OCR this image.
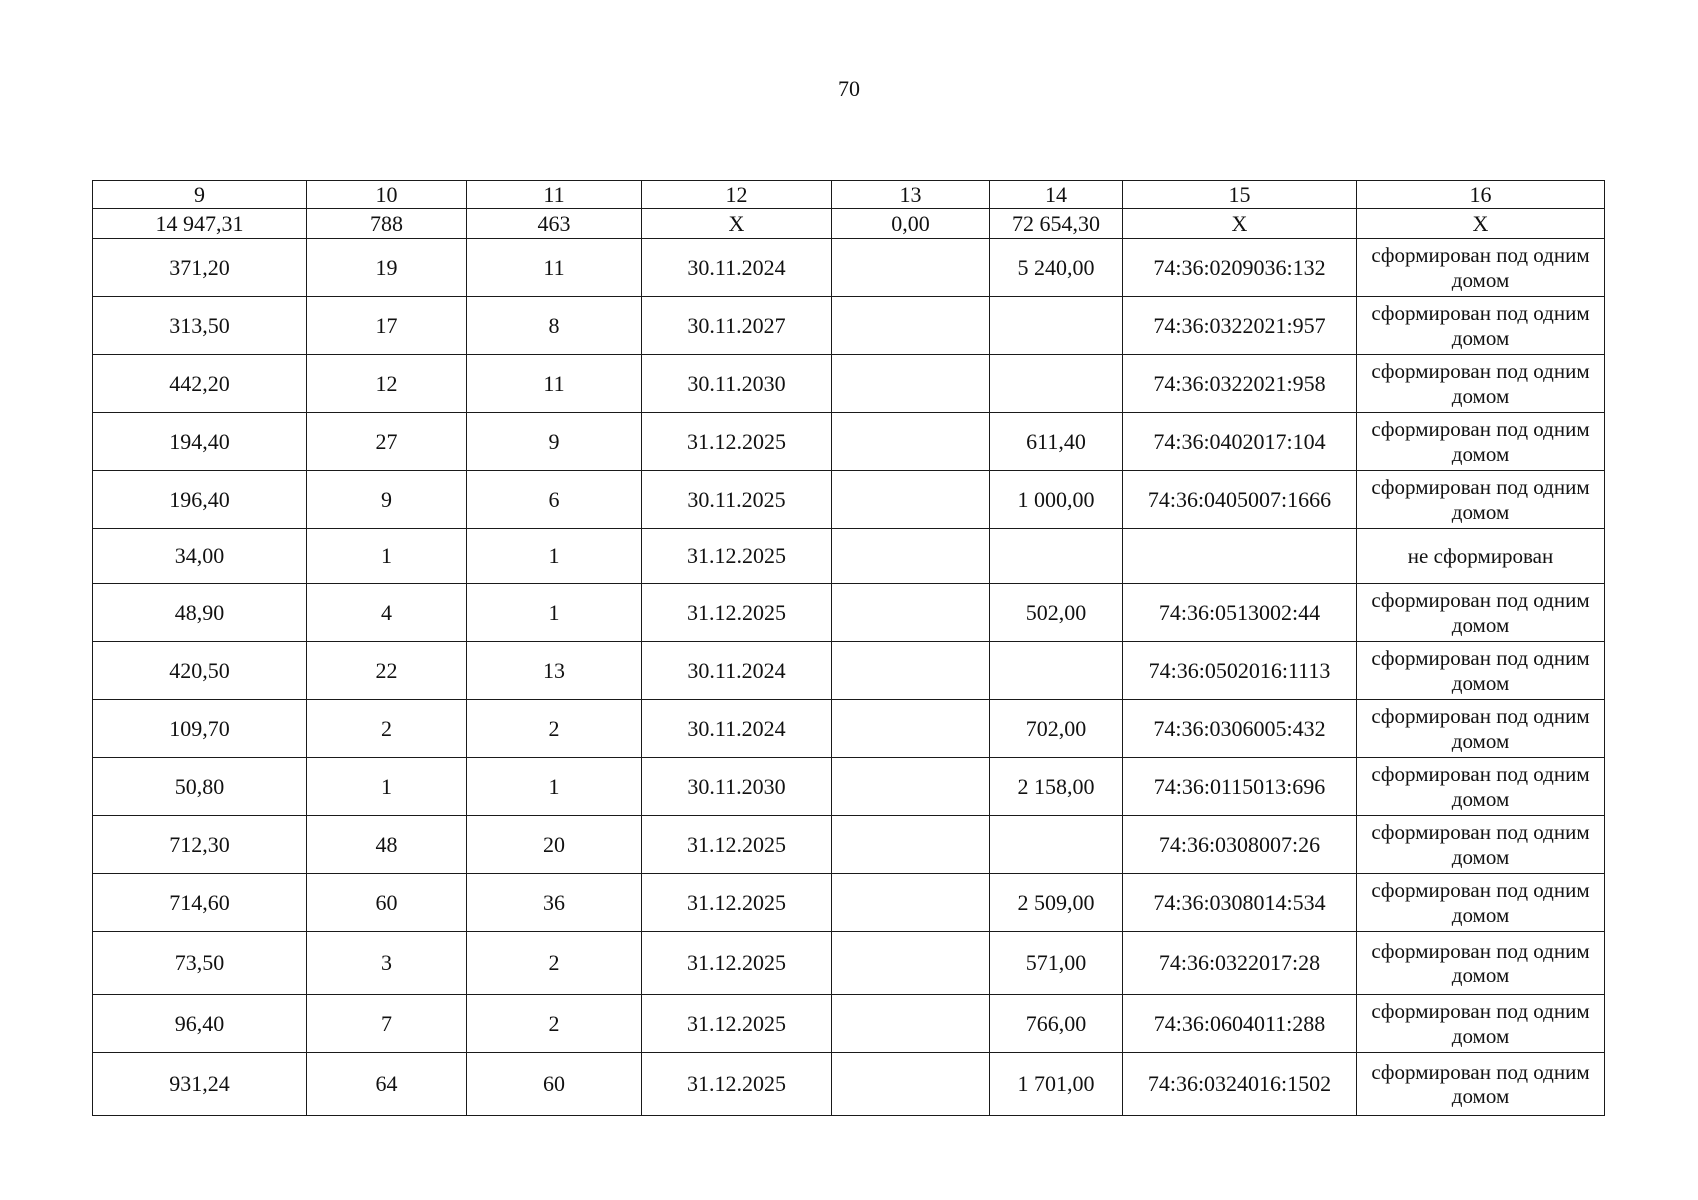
70
9	10	11	12	13	14	15	16
14 947,31	788	463	X	0,00	72 654,30	X	X
371,20	19	11	30.11.2024		5 240,00	74:36:0209036:132	сформирован под одним домом
313,50	17	8	30.11.2027			74:36:0322021:957	сформирован под одним домом
442,20	12	11	30.11.2030			74:36:0322021:958	сформирован под одним домом
194,40	27	9	31.12.2025		611,40	74:36:0402017:104	сформирован под одним домом
196,40	9	6	30.11.2025		1 000,00	74:36:0405007:1666	сформирован под одним домом
34,00	1	1	31.12.2025				не сформирован
48,90	4	1	31.12.2025		502,00	74:36:0513002:44	сформирован под одним домом
420,50	22	13	30.11.2024			74:36:0502016:1113	сформирован под одним домом
109,70	2	2	30.11.2024		702,00	74:36:0306005:432	сформирован под одним домом
50,80	1	1	30.11.2030		2 158,00	74:36:0115013:696	сформирован под одним домом
712,30	48	20	31.12.2025			74:36:0308007:26	сформирован под одним домом
714,60	60	36	31.12.2025		2 509,00	74:36:0308014:534	сформирован под одним домом
73,50	3	2	31.12.2025		571,00	74:36:0322017:28	сформирован под одним домом
96,40	7	2	31.12.2025		766,00	74:36:0604011:288	сформирован под одним домом
931,24	64	60	31.12.2025		1 701,00	74:36:0324016:1502	сформирован под одним домом
